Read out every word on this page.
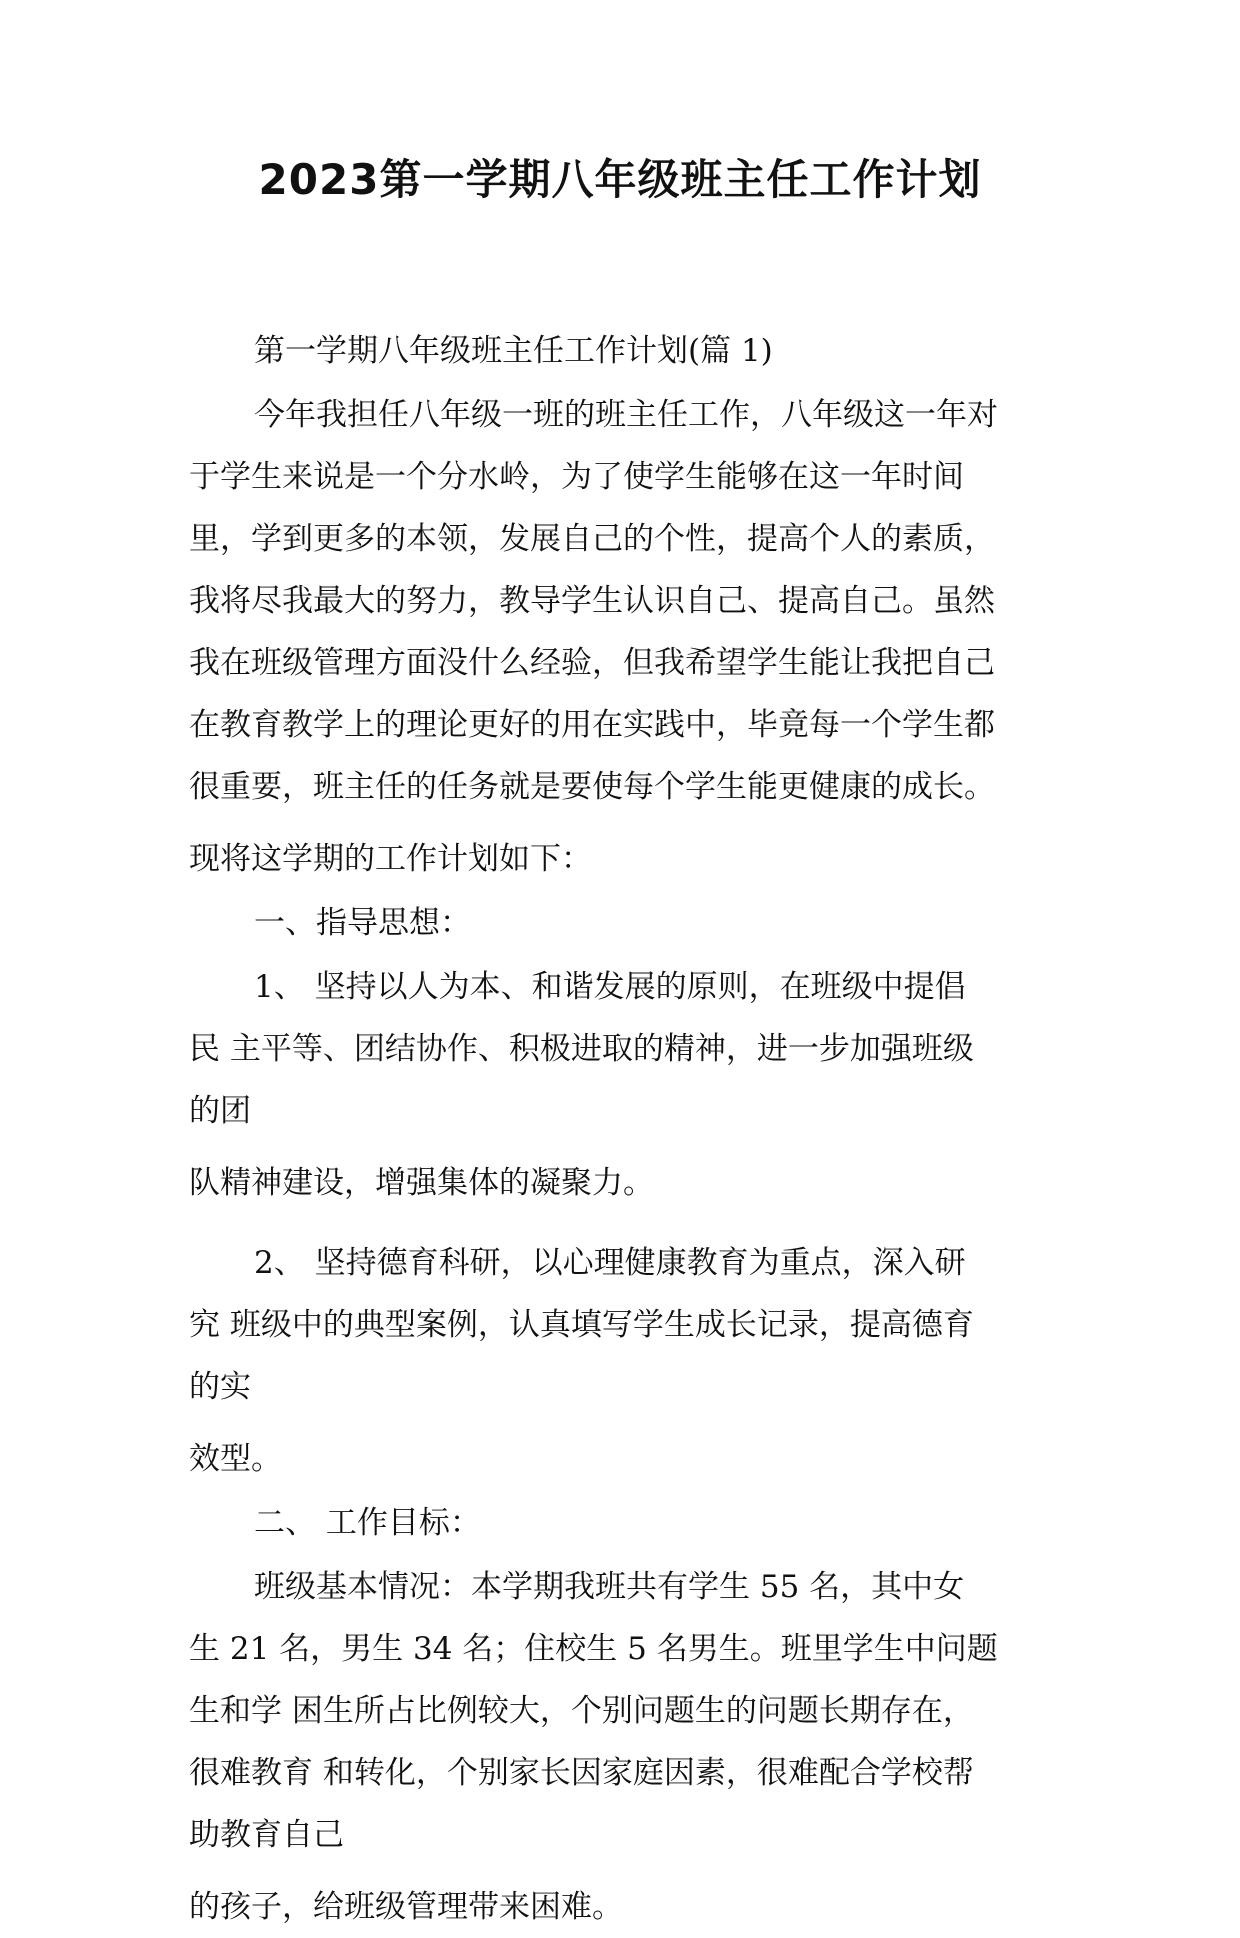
2023第一学期八年级班主任工作计划

第一学期八年级班主任工作计划(篇 1)

今年我担任八年级一班的班主任工作，八年级这一年对
于学生来说是一个分水岭，为了使学生能够在这一年时间
里，学到更多的本领，发展自己的个性，提高个人的素质，
我将尽我最大的努力，教导学生认识自己、提高自己。虽然
我在班级管理方面没什么经验，但我希望学生能让我把自己
在教育教学上的理论更好的用在实践中，毕竟每一个学生都
很重要，班主任的任务就是要使每个学生能更健康的成长。

现将这学期的工作计划如下：

一、指导思想：

1、 坚持以人为本、和谐发展的原则，在班级中提倡
民 主平等、团结协作、积极进取的精神，进一步加强班级
的团

队精神建设，增强集体的凝聚力。

2、 坚持德育科研，以心理健康教育为重点，深入研
究 班级中的典型案例，认真填写学生成长记录，提高德育
的实

效型。

二、 工作目标：

班级基本情况：本学期我班共有学生 55 名，其中女
生 21 名，男生 34 名；住校生 5 名男生。班里学生中问题
生和学 困生所占比例较大，个别问题生的问题长期存在，
很难教育 和转化，个别家长因家庭因素，很难配合学校帮
助教育自己

的孩子，给班级管理带来困难。
